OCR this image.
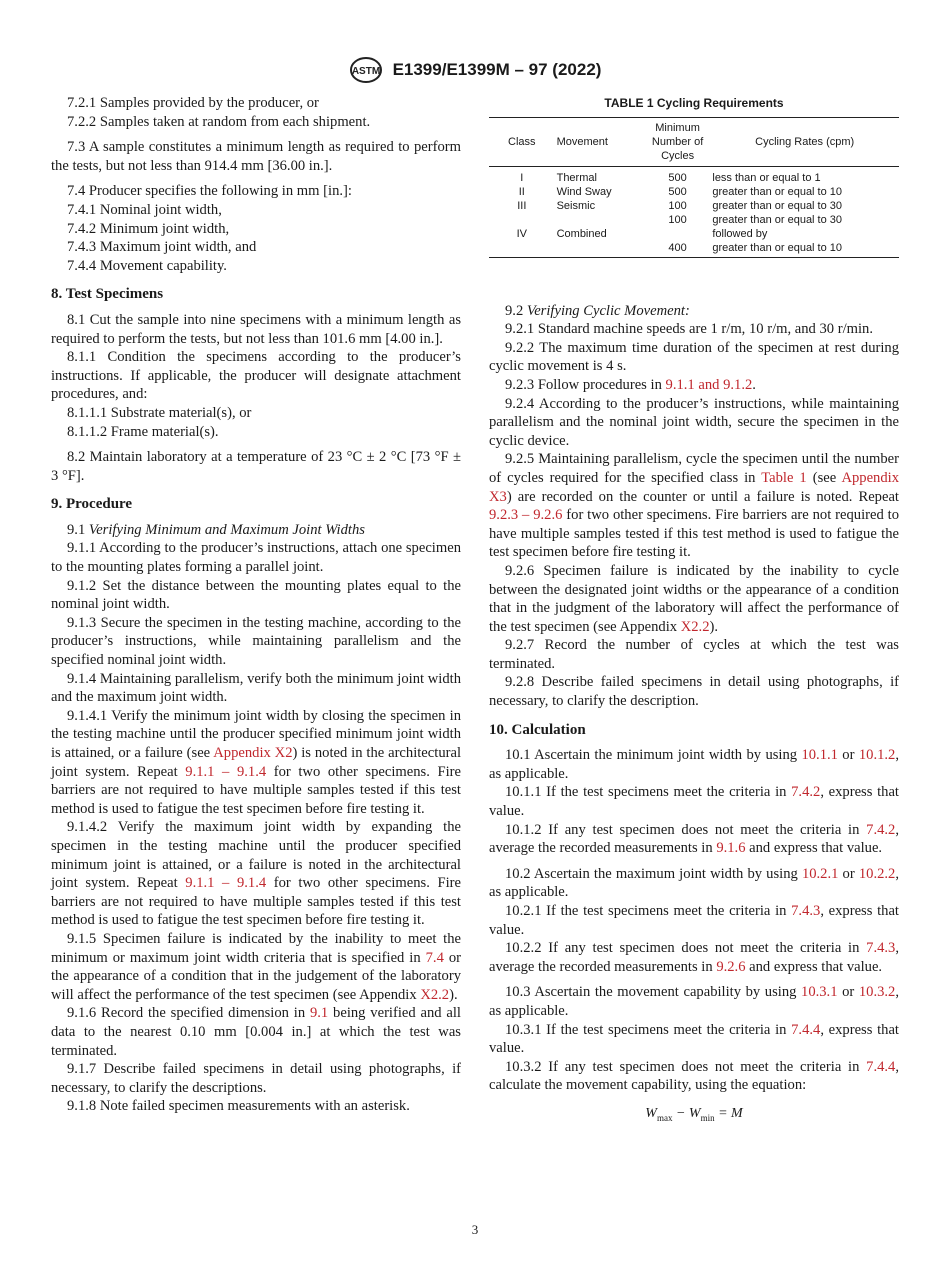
ASTM E1399/E1399M – 97 (2022)

7.2.1 Samples provided by the producer, or

7.2.2 Samples taken at random from each shipment.

7.3 A sample constitutes a minimum length as required to perform the tests, but not less than 914.4 mm [36.00 in.].

7.4 Producer specifies the following in mm [in.]:

7.4.1 Nominal joint width,

7.4.2 Minimum joint width,

7.4.3 Maximum joint width, and

7.4.4 Movement capability.

8. Test Specimens

8.1 Cut the sample into nine specimens with a minimum length as required to perform the tests, but not less than 101.6 mm [4.00 in.].

8.1.1 Condition the specimens according to the producer’s instructions. If applicable, the producer will designate attachment procedures, and:

8.1.1.1 Substrate material(s), or

8.1.1.2 Frame material(s).

8.2 Maintain laboratory at a temperature of 23 °C ± 2 °C [73 °F ± 3 °F].

9. Procedure

9.1 Verifying Minimum and Maximum Joint Widths

9.1.1 According to the producer’s instructions, attach one specimen to the mounting plates forming a parallel joint.

9.1.2 Set the distance between the mounting plates equal to the nominal joint width.

9.1.3 Secure the specimen in the testing machine, according to the producer’s instructions, while maintaining parallelism and the specified nominal joint width.

9.1.4 Maintaining parallelism, verify both the minimum joint width and the maximum joint width.

9.1.4.1 Verify the minimum joint width by closing the specimen in the testing machine until the producer specified minimum joint width is attained, or a failure (see Appendix X2) is noted in the architectural joint system. Repeat 9.1.1 – 9.1.4 for two other specimens. Fire barriers are not required to have multiple samples tested if this test method is used to fatigue the test specimen before fire testing it.

9.1.4.2 Verify the maximum joint width by expanding the specimen in the testing machine until the producer specified minimum joint is attained, or a failure is noted in the architectural joint system. Repeat 9.1.1 – 9.1.4 for two other specimens. Fire barriers are not required to have multiple samples tested if this test method is used to fatigue the test specimen before fire testing it.

9.1.5 Specimen failure is indicated by the inability to meet the minimum or maximum joint width criteria that is specified in 7.4 or the appearance of a condition that in the judgement of the laboratory will affect the performance of the test specimen (see Appendix X2.2).

9.1.6 Record the specified dimension in 9.1 being verified and all data to the nearest 0.10 mm [0.004 in.] at which the test was terminated.

9.1.7 Describe failed specimens in detail using photographs, if necessary, to clarify the descriptions.

9.1.8 Note failed specimen measurements with an asterisk.

TABLE 1 Cycling Requirements
Class	Movement	Minimum Number of Cycles	Cycling Rates (cpm)

I	Thermal	500	less than or equal to 1
II	Wind Sway	500	greater than or equal to 10
III	Seismic	100	greater than or equal to 30
		100	greater than or equal to 30
IV	Combined		followed by
		400	greater than or equal to 10

9.2 Verifying Cyclic Movement:

9.2.1 Standard machine speeds are 1 r/m, 10 r/m, and 30 r/min.

9.2.2 The maximum time duration of the specimen at rest during cyclic movement is 4 s.

9.2.3 Follow procedures in 9.1.1 and 9.1.2.

9.2.4 According to the producer’s instructions, while maintaining parallelism and the nominal joint width, secure the specimen in the cyclic device.

9.2.5 Maintaining parallelism, cycle the specimen until the number of cycles required for the specified class in Table 1 (see Appendix X3) are recorded on the counter or until a failure is noted. Repeat 9.2.3 – 9.2.6 for two other specimens. Fire barriers are not required to have multiple samples tested if this test method is used to fatigue the test specimen before fire testing it.

9.2.6 Specimen failure is indicated by the inability to cycle between the designated joint widths or the appearance of a condition that in the judgment of the laboratory will affect the performance of the test specimen (see Appendix X2.2).

9.2.7 Record the number of cycles at which the test was terminated.

9.2.8 Describe failed specimens in detail using photographs, if necessary, to clarify the description.

10. Calculation

10.1 Ascertain the minimum joint width by using 10.1.1 or 10.1.2, as applicable.

10.1.1 If the test specimens meet the criteria in 7.4.2, express that value.

10.1.2 If any test specimen does not meet the criteria in 7.4.2, average the recorded measurements in 9.1.6 and express that value.

10.2 Ascertain the maximum joint width by using 10.2.1 or 10.2.2, as applicable.

10.2.1 If the test specimens meet the criteria in 7.4.3, express that value.

10.2.2 If any test specimen does not meet the criteria in 7.4.3, average the recorded measurements in 9.2.6 and express that value.

10.3 Ascertain the movement capability by using 10.3.1 or 10.3.2, as applicable.

10.3.1 If the test specimens meet the criteria in 7.4.4, express that value.

10.3.2 If any test specimen does not meet the criteria in 7.4.4, calculate the movement capability, using the equation:

$W_{max} - W_{min} = M$
3
